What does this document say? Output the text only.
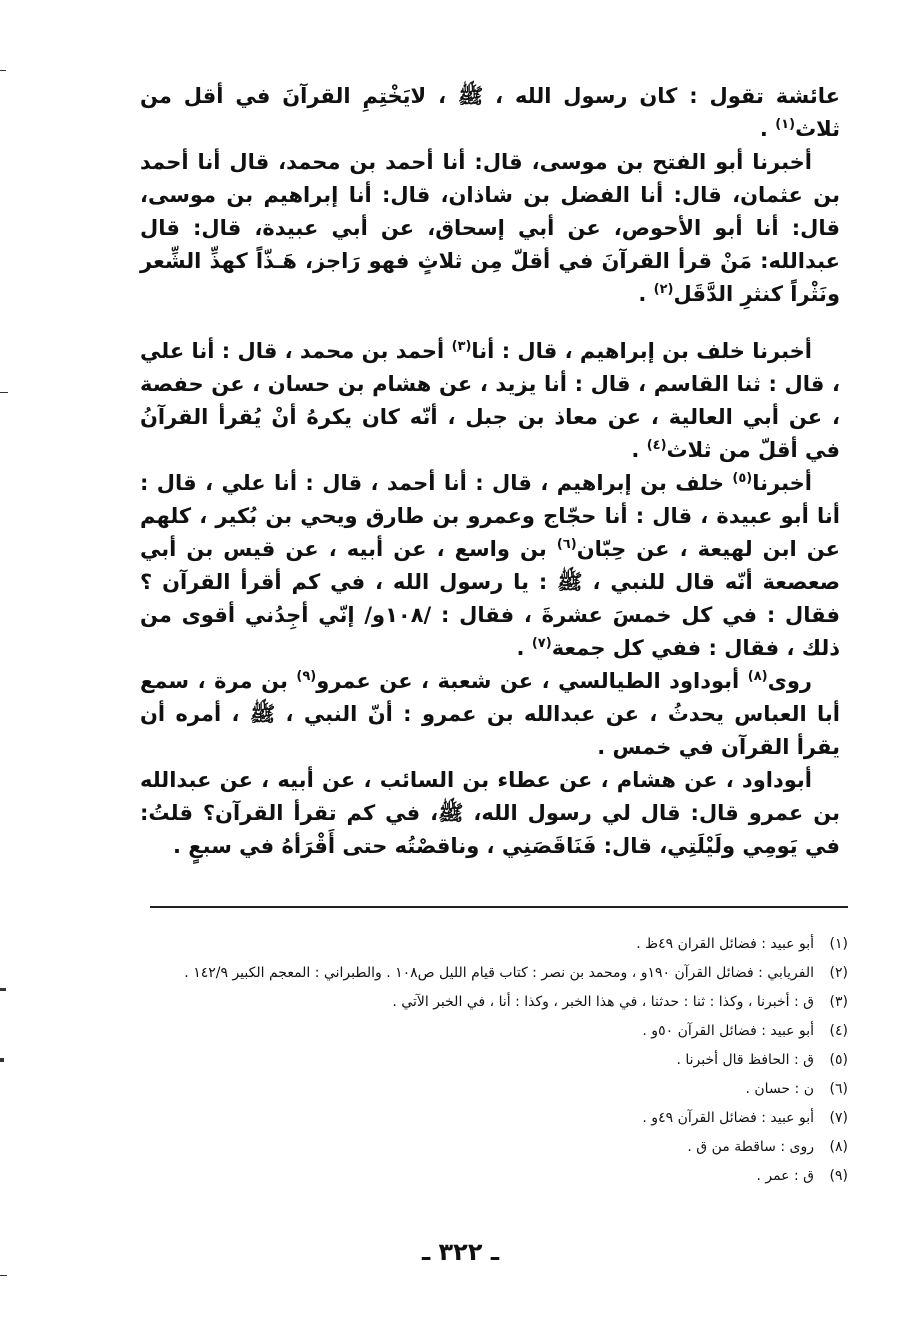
عائشة تقول : كان رسول الله ، ﷺ ، لايَخْتِمِ القرآنَ في أقل من ثلاث$^{(١)}$ .

أخبرنا أبو الفتح بن موسى، قال: أنا أحمد بن محمد، قال أنا أحمد بن عثمان، قال: أنا الفضل بن شاذان، قال: أنا إبراهيم بن موسى، قال: أنا أبو الأحوص، عن أبي إسحاق، عن أبي عبيدة، قال: قال عبدالله: مَنْ قرأ القرآنَ في أقلّ مِن ثلاثٍ فهو رَاجز، هَـذّاً كهذِّ الشِّعر ونَثْراً كنثرِ الدَّقَل$^{(٢)}$ .

أخبرنا خلف بن إبراهيم ، قال : أنا$^{(٣)}$ أحمد بن محمد ، قال : أنا علي ، قال : ثنا القاسم ، قال : أنا يزيد ، عن هشام بن حسان ، عن حفصة ، عن أبي العالية ، عن معاذ بن جبل ، أنّه كان يكرهُ أنْ يُقرأ القرآنُ في أقلّ من ثلاث$^{(٤)}$ .

أخبرنا$^{(٥)}$ خلف بن إبراهيم ، قال : أنا أحمد ، قال : أنا علي ، قال : أنا أبو عبيدة ، قال : أنا حجّاج وعمرو بن طارق ويحي بن بُكير ، كلهم عن ابن لهيعة ، عن حِبّان$^{(٦)}$ بن واسع ، عن أبيه ، عن قيس بن أبي صعصعة أنّه قال للنبي ، ﷺ : يا رسول الله ، في كم أقرأ القرآن ؟ فقال : في كل خمسَ عشرةَ ، فقال : /١٠٨و/ إنّي أجِدُني أقوى من ذلك ، فقال : ففي كل جمعة$^{(٧)}$ .

روى$^{(٨)}$ أبوداود الطيالسي ، عن شعبة ، عن عمرو$^{(٩)}$ بن مرة ، سمع أبا العباس يحدثُ ، عن عبدالله بن عمرو : أنّ النبي ، ﷺ ، أمره أن يقرأ القرآن في خمس .

أبوداود ، عن هشام ، عن عطاء بن السائب ، عن أبيه ، عن عبدالله بن عمرو قال: قال لي رسول الله، ﷺ، في كم تقرأ القرآن؟ قلتُ: في يَومِي ولَيْلَتِي، قال: فَنَاقَصَنِي ، وناقصْتُه حتى أَقْرَأهُ في سبعٍ .

(١)
أبو عبيد : فضائل القران ٤٩ظ .
(٢)
الفريابي : فضائل القرآن ١٩٠و ، ومحمد بن نصر : كتاب قيام الليل ص١٠٨ . والطبراني : المعجم الكبير ١٤٢/٩ .
(٣)
ق : أخبرنا ، وكذا : ثنا : حدثنا ، في هذا الخبر ، وكذا : أنا ، في الخبر الآتي .
(٤)
أبو عبيد : فضائل القرآن ٥٠و .
(٥)
ق : الحافظ قال أخبرنا .
(٦)
ن : حسان .
(٧)
أبو عبيد : فضائل القرآن ٤٩و .
(٨)
روى : ساقطة من ق .
(٩)
ق : عمر .
ـ ٣٢٢ ـ
